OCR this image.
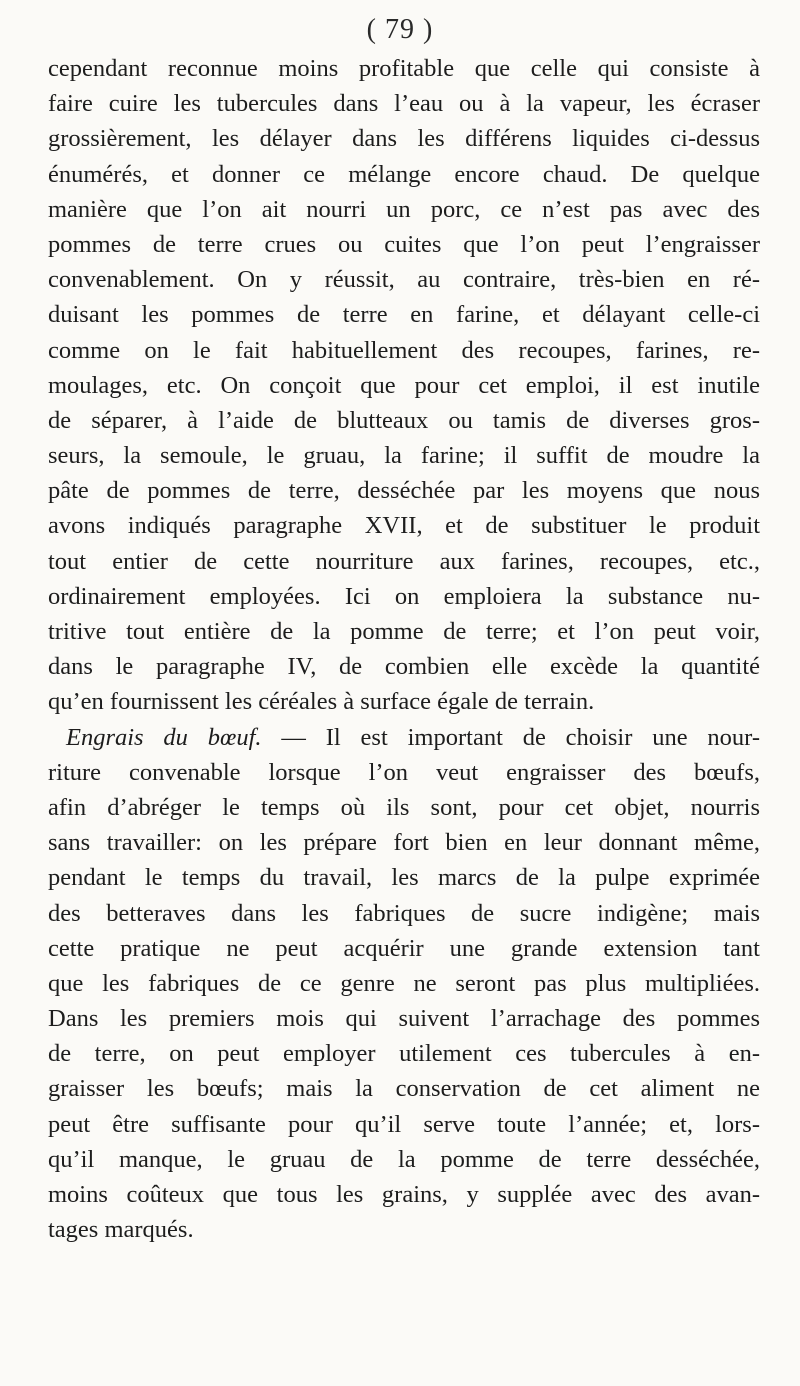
( 79 )
cependant reconnue moins profitable que celle qui consiste à
faire cuire les tubercules dans l’eau ou à la vapeur, les écraser
grossièrement, les délayer dans les différens liquides ci-dessus
énumérés, et donner ce mélange encore chaud. De quelque
manière que l’on ait nourri un porc, ce n’est pas avec des
pommes de terre crues ou cuites que l’on peut l’engraisser
convenablement. On y réussit, au contraire, très-bien en ré-
duisant les pommes de terre en farine, et délayant celle-ci
comme on le fait habituellement des recoupes, farines, re-
moulages, etc. On conçoit que pour cet emploi, il est inutile
de séparer, à l’aide de blutteaux ou tamis de diverses gros-
seurs, la semoule, le gruau, la farine; il suffit de moudre la
pâte de pommes de terre, desséchée par les moyens que nous
avons indiqués paragraphe XVII, et de substituer le produit
tout entier de cette nourriture aux farines, recoupes, etc.,
ordinairement employées. Ici on emploiera la substance nu-
tritive tout entière de la pomme de terre; et l’on peut voir,
dans le paragraphe IV, de combien elle excède la quantité
qu’en fournissent les céréales à surface égale de terrain.
Engrais du bœuf. — Il est important de choisir une nour-
riture convenable lorsque l’on veut engraisser des bœufs,
afin d’abréger le temps où ils sont, pour cet objet, nourris
sans travailler: on les prépare fort bien en leur donnant même,
pendant le temps du travail, les marcs de la pulpe exprimée
des betteraves dans les fabriques de sucre indigène; mais
cette pratique ne peut acquérir une grande extension tant
que les fabriques de ce genre ne seront pas plus multipliées.
Dans les premiers mois qui suivent l’arrachage des pommes
de terre, on peut employer utilement ces tubercules à en-
graisser les bœufs; mais la conservation de cet aliment ne
peut être suffisante pour qu’il serve toute l’année; et, lors-
qu’il manque, le gruau de la pomme de terre desséchée,
moins coûteux que tous les grains, y supplée avec des avan-
tages marqués.
